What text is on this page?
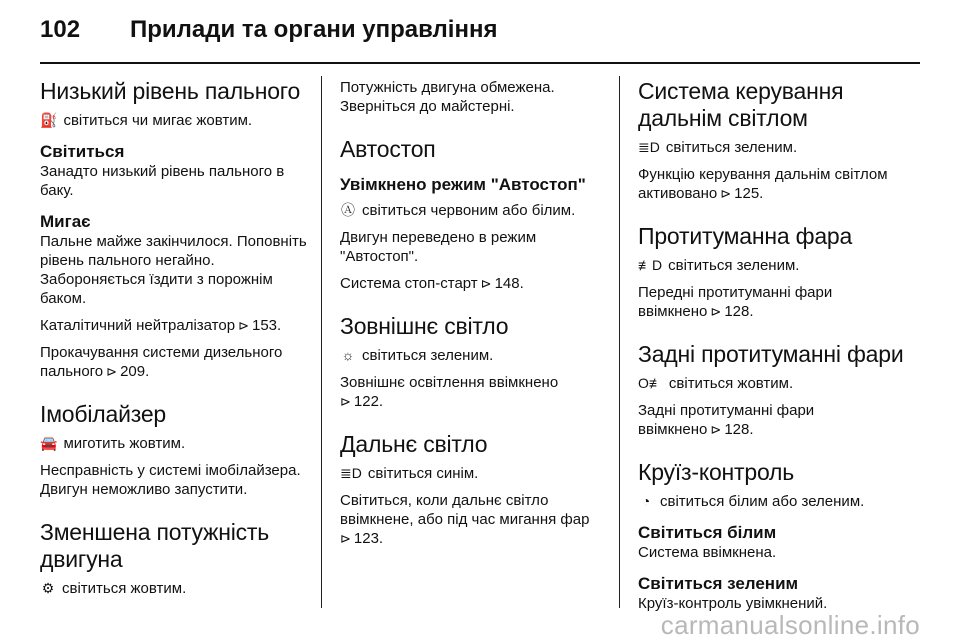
102	Прилади та органи управління
Низький рівень пального

⛽ світиться чи мигає жовтим.

Світиться

Занадто низький рівень пального в баку.

Мигає

Пальне майже закінчилося. Поповніть рівень пального негайно. Забороняється їздити з порожнім баком.

Каталітичний нейтралізатор ⊳ 153.

Прокачування системи дизельного пального ⊳ 209.

Імобілайзер

🚘 миготить жовтим.

Несправність у системі імобілайзера. Двигун неможливо запустити.

Зменшена потужність двигуна

⚙ світиться жовтим.

Потужність двигуна обмежена. Зверніться до майстерні.

Автостоп
Увімкнено режим "Автостоп"

Ⓐ світиться червоним або білим.

Двигун переведено в режим "Автостоп".

Система стоп-старт ⊳ 148.

Зовнішнє світло

☼ світиться зеленим.

Зовнішнє освітлення ввімкнено
⊳ 122.

Дальнє світло

≣D світиться синім.

Світиться, коли дальнє світло ввімкнене, або під час мигання фар
⊳ 123.

Система керування дальнім світлом

≣D світиться зеленим.

Функцію керування дальнім світлом активовано ⊳ 125.

Протитуманна фара

≢D світиться зеленим.

Передні протитуманні фари ввімкнено ⊳ 128.

Задні протитуманні фари

O≢ світиться жовтим.

Задні протитуманні фари ввімкнено ⊳ 128.

Круїз-контроль

◔ світиться білим або зеленим.

Світиться білим

Система ввімкнена.

Світиться зеленим

Круїз-контроль увімкнений.

carmanualsonline.info
